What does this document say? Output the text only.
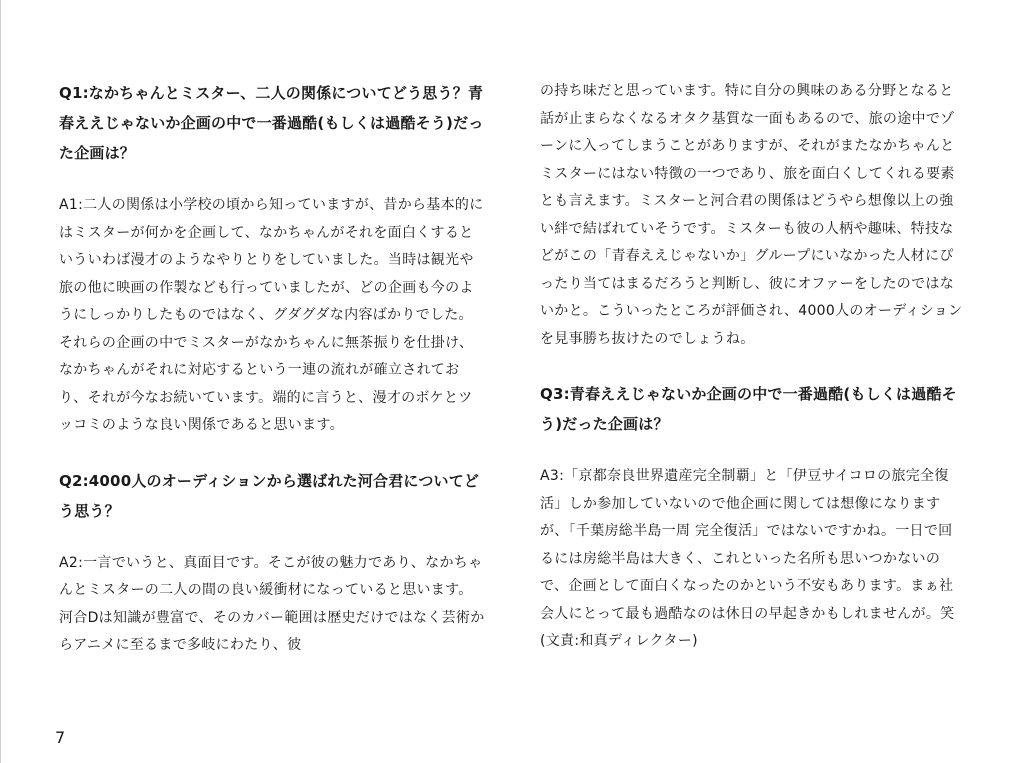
Q1:なかちゃんとミスター、二人の関係についてどう思う？青春ええじゃないか企画の中で一番過酷(もしくは過酷そう)だった企画は？

A1:二人の関係は小学校の頃から知っていますが、昔から基本的にはミスターが何かを企画して、なかちゃんがそれを面白くするといういわば漫才のようなやりとりをしていました。当時は観光や旅の他に映画の作製なども行っていましたが、どの企画も今のようにしっかりしたものではなく、グダグダな内容ばかりでした。それらの企画の中でミスターがなかちゃんに無茶振りを仕掛け、なかちゃんがそれに対応するという一連の流れが確立されており、それが今なお続いています。端的に言うと、漫才のボケとツッコミのような良い関係であると思います。

Q2:4000人のオーディションから選ばれた河合君についてどう思う？

A2:一言でいうと、真面目です。そこが彼の魅力であり、なかちゃんとミスターの二人の間の良い緩衝材になっていると思います。河合Dは知識が豊富で、そのカバー範囲は歴史だけではなく芸術からアニメに至るまで多岐にわたり、彼

の持ち味だと思っています。特に自分の興味のある分野となると話が止まらなくなるオタク基質な一面もあるので、旅の途中でゾーンに入ってしまうことがありますが、それがまたなかちゃんとミスターにはない特徴の一つであり、旅を面白くしてくれる要素とも言えます。ミスターと河合君の関係はどうやら想像以上の強い絆で結ばれていそうです。ミスターも彼の人柄や趣味、特技などがこの「青春ええじゃないか」グループにいなかった人材にぴったり当てはまるだろうと判断し、彼にオファーをしたのではないかと。こういったところが評価され、4000人のオーディションを見事勝ち抜けたのでしょうね。

Q3:青春ええじゃないか企画の中で一番過酷(もしくは過酷そう)だった企画は？

A3:「京都奈良世界遺産完全制覇」と「伊豆サイコロの旅完全復活」しか参加していないので他企画に関しては想像になりますが、「千葉房総半島一周 完全復活」ではないですかね。一日で回るには房総半島は大きく、これといった名所も思いつかないので、企画として面白くなったのかという不安もあります。まぁ社会人にとって最も過酷なのは休日の早起きかもしれませんが。笑 (文責:和真ディレクター)

7
